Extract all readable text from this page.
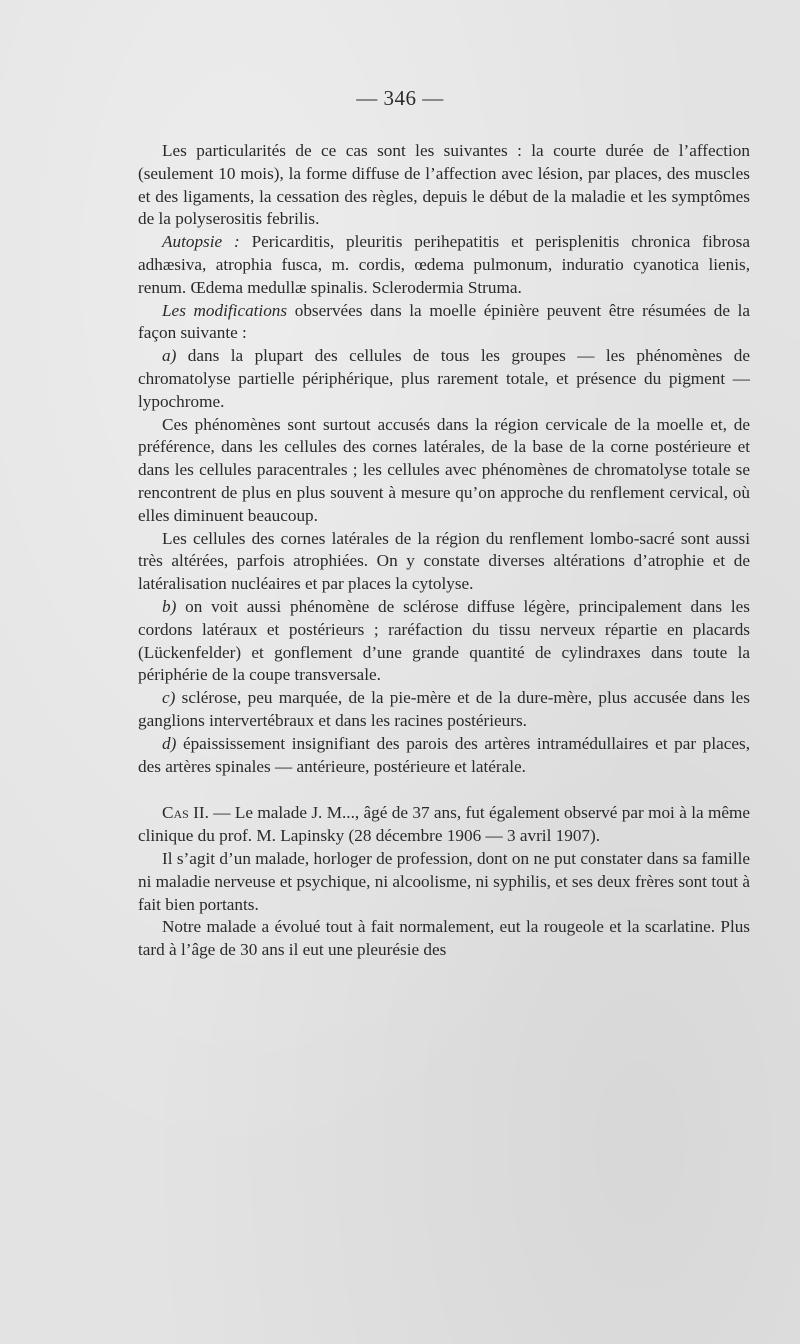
— 346 —

Les particularités de ce cas sont les suivantes : la courte durée de l’affection (seulement 10 mois), la forme diffuse de l’affection avec lésion, par places, des muscles et des ligaments, la cessation des règles, depuis le début de la maladie et les symptômes de la polyserositis febrilis.

Autopsie : Pericarditis, pleuritis perihepatitis et perisplenitis chronica fibrosa adhæsiva, atrophia fusca, m. cordis, œdema pulmonum, induratio cyanotica lienis, renum. Œdema medullæ spinalis. Sclerodermia Struma.

Les modifications observées dans la moelle épinière peuvent être résumées de la façon suivante :

a) dans la plupart des cellules de tous les groupes — les phénomènes de chromatolyse partielle périphérique, plus rarement totale, et présence du pigment — lypochrome.

Ces phénomènes sont surtout accusés dans la région cervicale de la moelle et, de préférence, dans les cellules des cornes latérales, de la base de la corne postérieure et dans les cellules paracentrales ; les cellules avec phénomènes de chromatolyse totale se rencontrent de plus en plus souvent à mesure qu’on approche du renflement cervical, où elles diminuent beaucoup.

Les cellules des cornes latérales de la région du renflement lombo-sacré sont aussi très altérées, parfois atrophiées. On y constate diverses altérations d’atrophie et de latéralisation nucléaires et par places la cytolyse.

b) on voit aussi phénomène de sclérose diffuse légère, principalement dans les cordons latéraux et postérieurs ; raréfaction du tissu nerveux répartie en placards (Lückenfelder) et gonflement d’une grande quantité de cylindraxes dans toute la périphérie de la coupe transversale.

c) sclérose, peu marquée, de la pie-mère et de la dure-mère, plus accusée dans les ganglions intervertébraux et dans les racines postérieurs.

d) épaississement insignifiant des parois des artères intramédullaires et par places, des artères spinales — antérieure, postérieure et latérale.

Cas II. — Le malade J. M..., âgé de 37 ans, fut également observé par moi à la même clinique du prof. M. Lapinsky (28 décembre 1906 — 3 avril 1907).

Il s’agit d’un malade, horloger de profession, dont on ne put constater dans sa famille ni maladie nerveuse et psychique, ni alcoolisme, ni syphilis, et ses deux frères sont tout à fait bien portants.

Notre malade a évolué tout à fait normalement, eut la rougeole et la scarlatine. Plus tard à l’âge de 30 ans il eut une pleurésie des
